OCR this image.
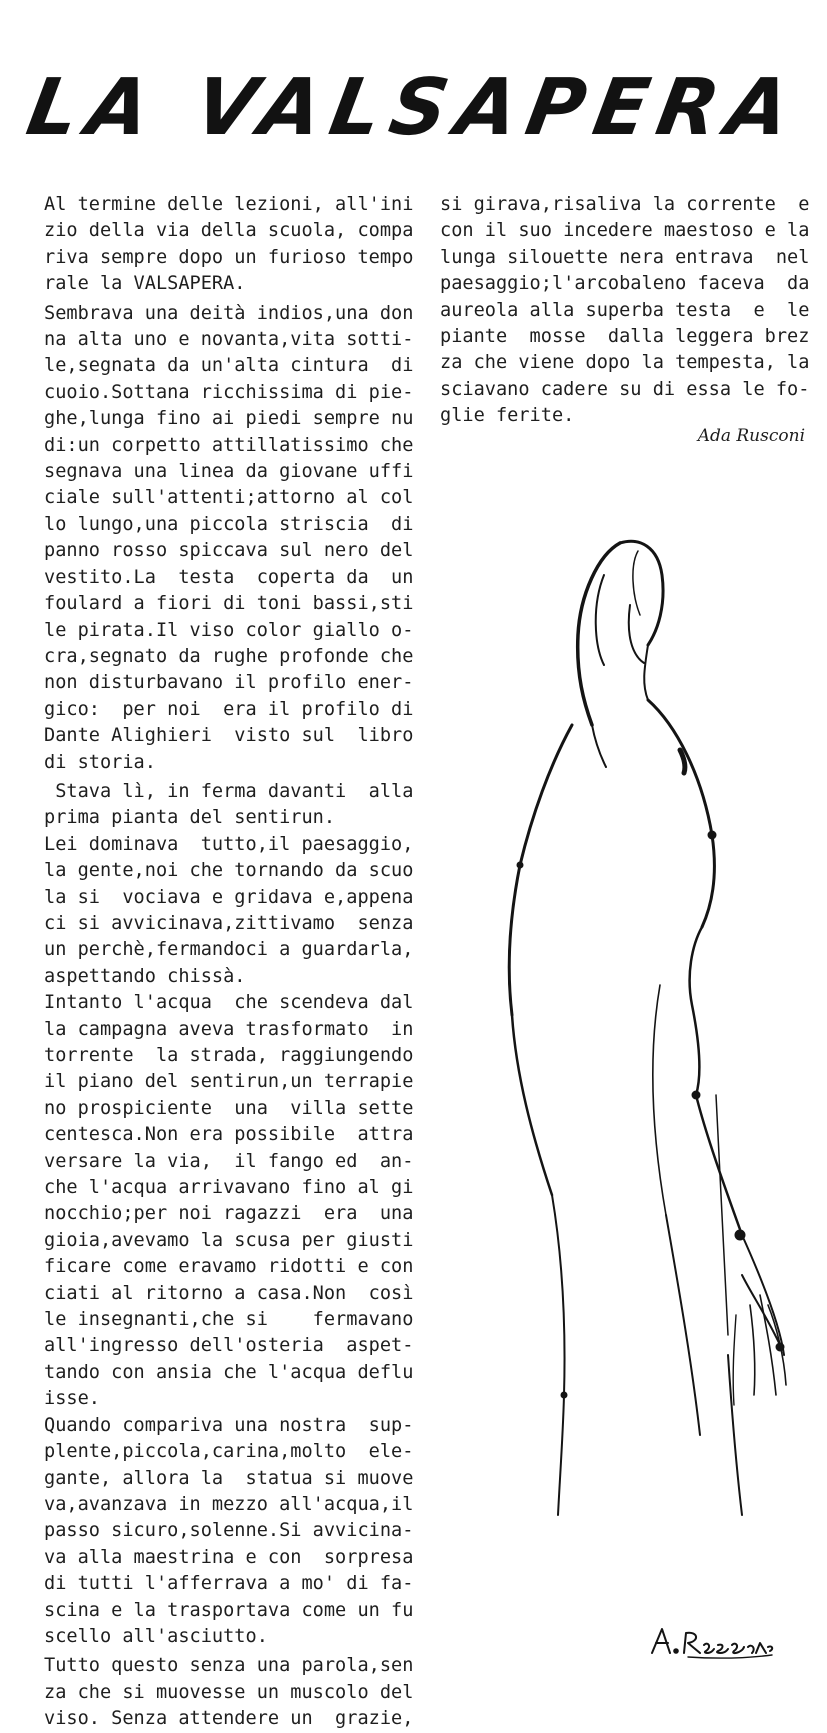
LA VALSAPERA

Al termine delle lezioni, all'ini
zio della via della scuola, compa
riva sempre dopo un furioso tempo
rale la VALSAPERA.

Sembrava una deità indios,una don
na alta uno e novanta,vita sotti-
le,segnata da un'alta cintura  di
cuoio.Sottana ricchissima di pie-
ghe,lunga fino ai piedi sempre nu
di:un corpetto attillatissimo che
segnava una linea da giovane uffi
ciale sull'attenti;attorno al col
lo lungo,una piccola striscia  di
panno rosso spiccava sul nero del
vestito.La  testa  coperta da  un
foulard a fiori di toni bassi,sti
le pirata.Il viso color giallo o-
cra,segnato da rughe profonde che
non disturbavano il profilo ener-
gico:  per noi  era il profilo di
Dante Alighieri  visto sul  libro
di storia.

Stava lì, in ferma davanti  alla
prima pianta del sentirun.
Lei dominava  tutto,il paesaggio,
la gente,noi che tornando da scuo
la si  vociava e gridava e,appena
ci si avvicinava,zittivamo  senza
un perchè,fermandoci a guardarla,
aspettando chissà.
Intanto l'acqua  che scendeva dal
la campagna aveva trasformato  in
torrente  la strada, raggiungendo
il piano del sentirun,un terrapie
no prospiciente  una  villa sette
centesca.Non era possibile  attra
versare la via,  il fango ed  an-
che l'acqua arrivavano fino al gi
nocchio;per noi ragazzi  era  una
gioia,avevamo la scusa per giusti
ficare come eravamo ridotti e con
ciati al ritorno a casa.Non  così
le insegnanti,che si    fermavano
all'ingresso dell'osteria  aspet-
tando con ansia che l'acqua deflu
isse.
Quando compariva una nostra  sup-
plente,piccola,carina,molto  ele-
gante, allora la  statua si muove
va,avanzava in mezzo all'acqua,il
passo sicuro,solenne.Si avvicina-
va alla maestrina e con  sorpresa
di tutti l'afferrava a mo' di fa-
scina e la trasportava come un fu
scello all'asciutto.

Tutto questo senza una parola,sen
za che si muovesse un muscolo del
viso. Senza attendere un  grazie,

si girava,risaliva la corrente  e
con il suo incedere maestoso e la
lunga silouette nera entrava  nel
paesaggio;l'arcobaleno faceva  da
aureola alla superba testa  e  le
piante  mosse  dalla leggera brez
za che viene dopo la tempesta, la
sciavano cadere su di essa le fo-
glie ferite.

Ada Rusconi
